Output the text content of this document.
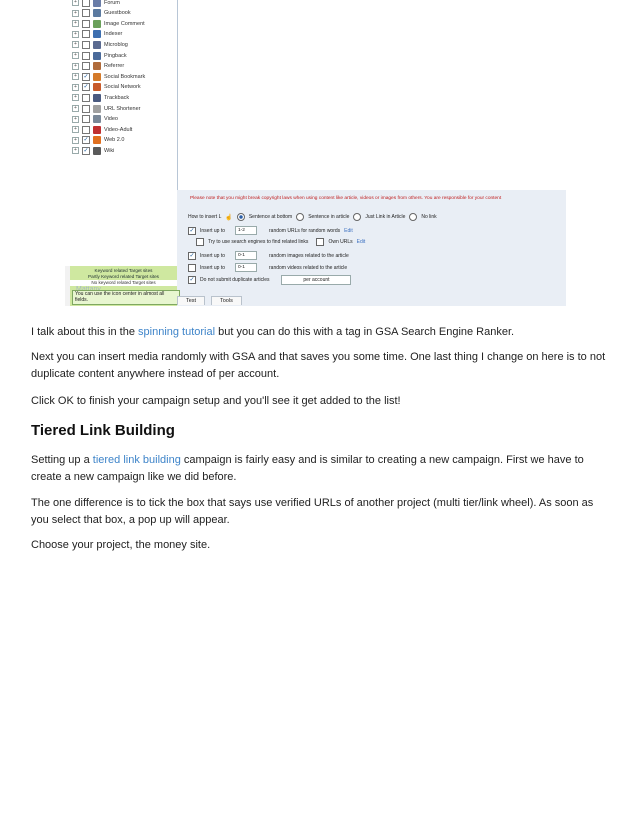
+	Forum
+	Guestbook
+	Image Comment
+	Indexer
+	Microblog
+	Pingback
+	Referrer
+	✓	Social Bookmark
+	✓	Social Network
+	Trackback
+	URL Shortener
+	Video
+	Video-Adult
+	✓	Web 2.0
+	✓	Wiki
Please note that you might break copyright laws when using content like article, videos or images from others. You are responsible for your content
How to insert L ☝	Sentence at bottom	Sentence in article	Just Link in Article	No link
✓ Insert up to	1-2	random URLs for random words Edit
Try to use search engines to find related links	Own URLs Edit
✓ Insert up to	0-1	random images related to the article
Insert up to	0-1	random videos related to the article
✓ Do not submit duplicate articles	per account
Keyword related Target sites
Partly Keyword related Target sites
No keyword related Target sites
You can use the icon center in almost all fields.	Test	Tools

I talk about this in the spinning tutorial but you can do this with a tag in GSA Search Engine Ranker.

Next you can insert media randomly with GSA and that saves you some time. One last thing I change on here is to not duplicate content anywhere instead of per account.

Click OK to finish your campaign setup and you'll see it get added to the list!

Tiered Link Building

Setting up a tiered link building campaign is fairly easy and is similar to creating a new campaign. First we have to create a new campaign like we did before.

The one difference is to tick the box that says use verified URLs of another project (multi tier/link wheel). As soon as you select that box, a pop up will appear.

Choose your project, the money site.
